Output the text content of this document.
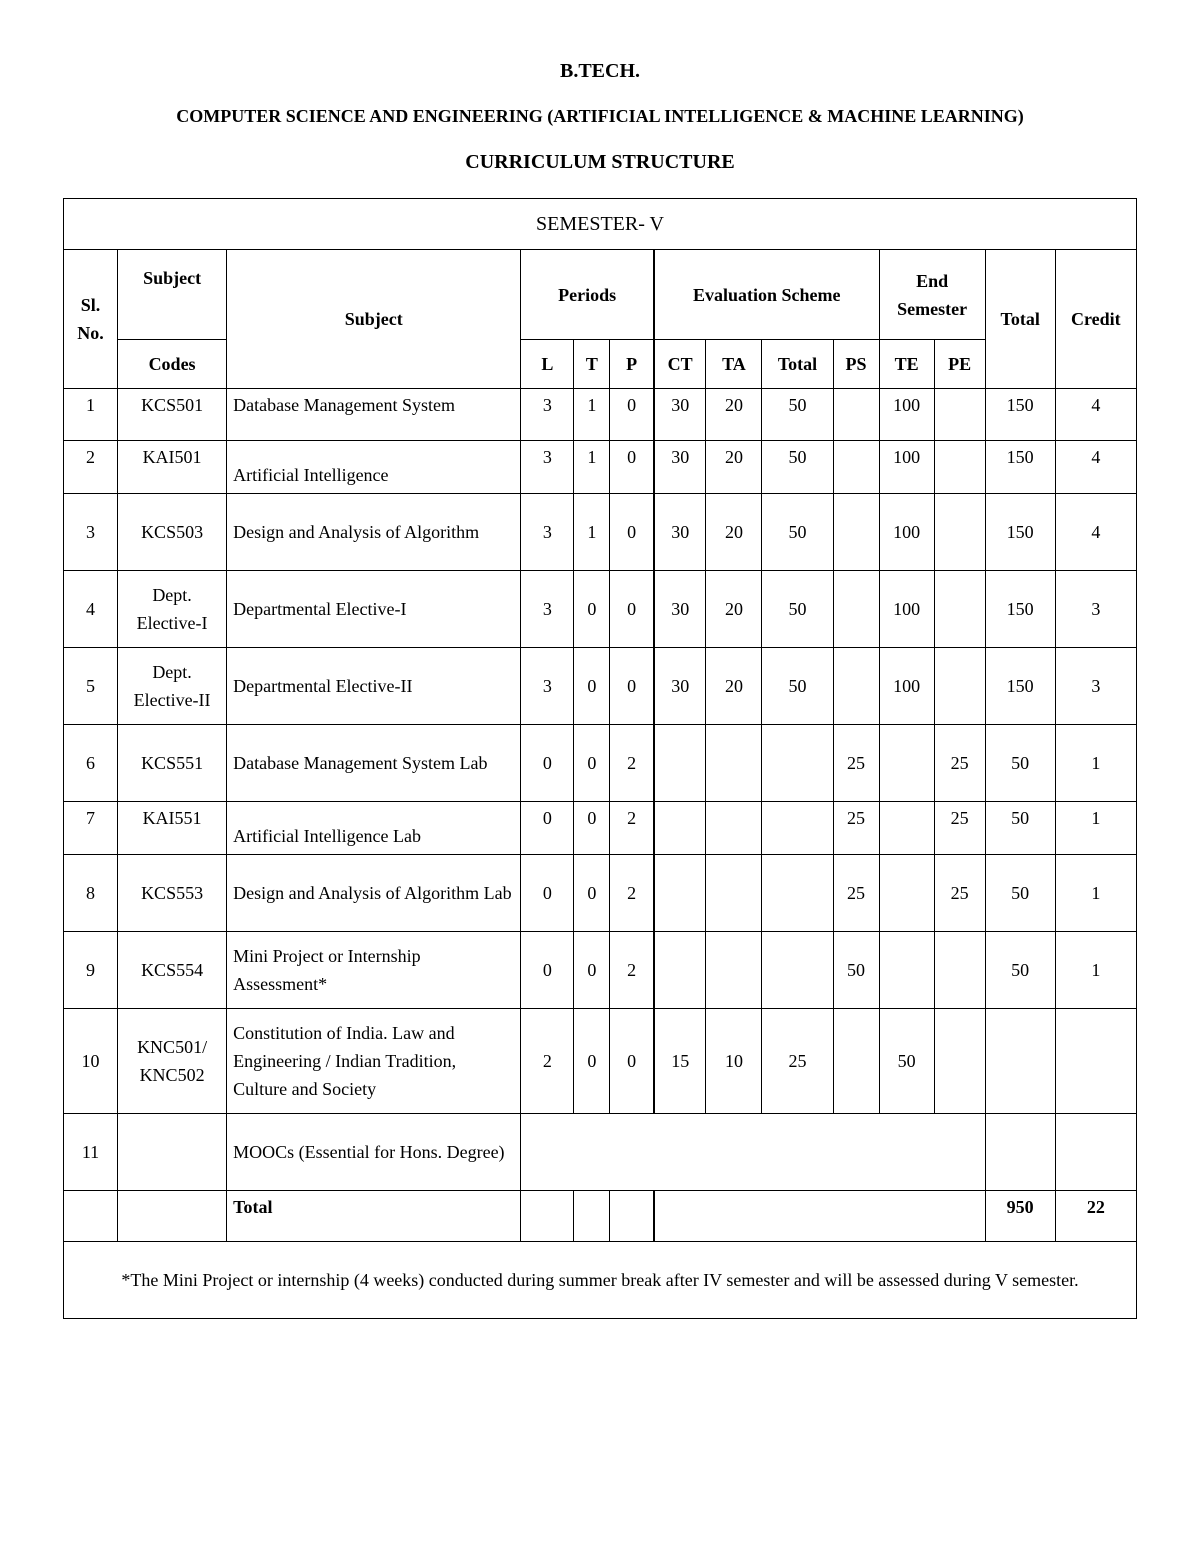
B.TECH.
COMPUTER SCIENCE AND ENGINEERING (ARTIFICIAL INTELLIGENCE & MACHINE LEARNING)
CURRICULUM STRUCTURE
SEMESTER- V													
Sl. No.	Subject	Subject	Periods			Evaluation Scheme				End Semester		Total	Credit
	Codes		L	T	P	CT	TA	Total	PS	TE	PE		
1	KCS501	Database Management System	3	1	0	30	20	50		100		150	4
2	KAI501	Artificial Intelligence	3	1	0	30	20	50		100		150	4
3	KCS503	Design and Analysis of Algorithm	3	1	0	30	20	50		100		150	4
4	Dept. Elective-I	Departmental Elective-I	3	0	0	30	20	50		100		150	3
5	Dept. Elective-II	Departmental Elective-II	3	0	0	30	20	50		100		150	3
6	KCS551	Database Management System Lab	0	0	2				25		25	50	1
7	KAI551	Artificial Intelligence Lab	0	0	2				25		25	50	1
8	KCS553	Design and Analysis of Algorithm Lab	0	0	2				25		25	50	1
9	KCS554	Mini Project or Internship Assessment*	0	0	2				50			50	1
10	KNC501/ KNC502	Constitution of India. Law and Engineering / Indian Tradition, Culture and Society	2	0	0	15	10	25		50			
11		MOOCs (Essential for Hons. Degree)											
		Total										950	22
*The Mini Project or internship (4 weeks) conducted during summer break after IV semester and will be assessed during V semester.													
